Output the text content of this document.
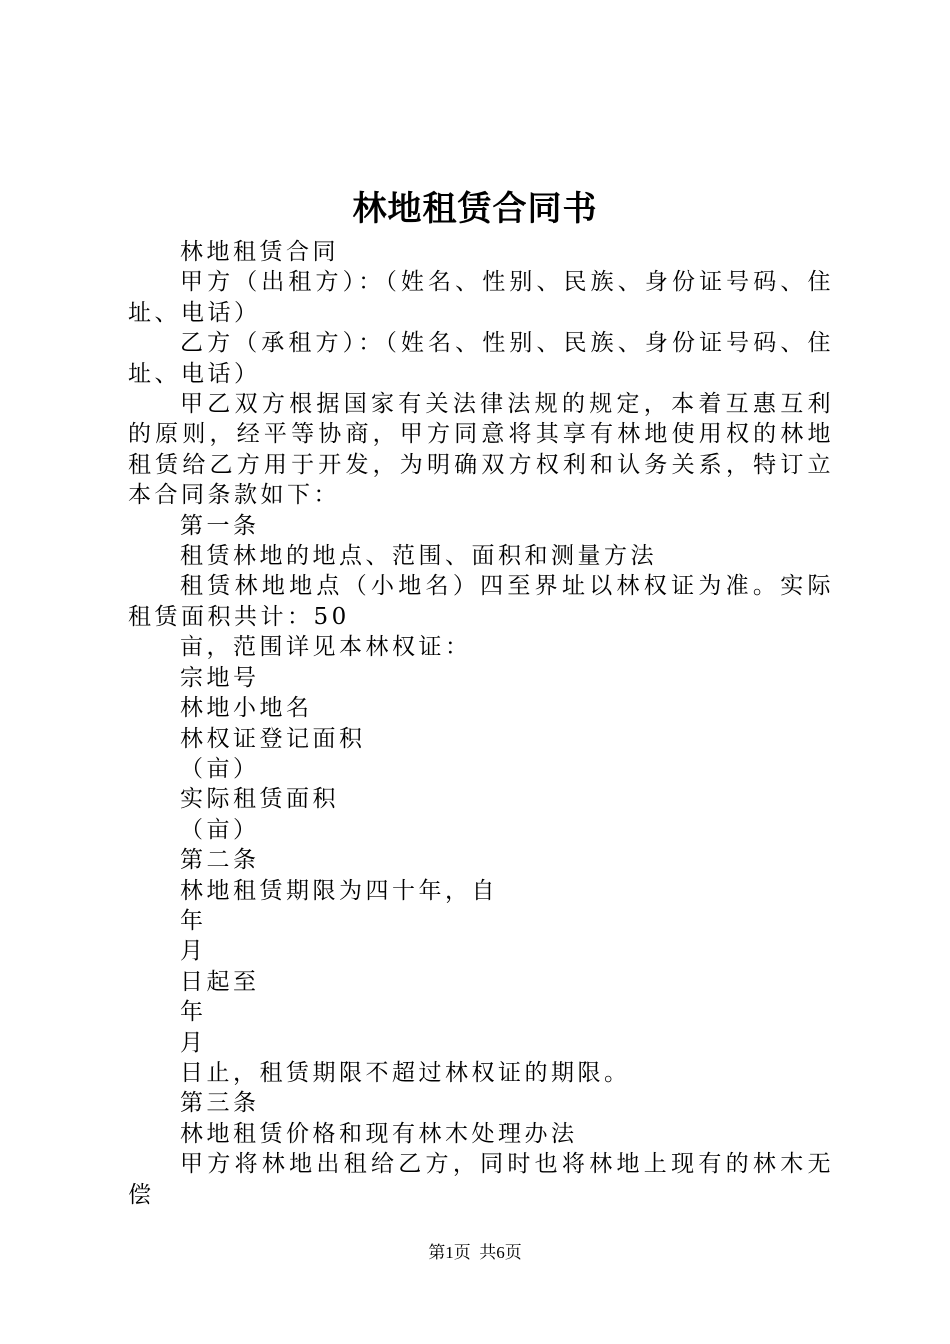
林地租赁合同书

林地租赁合同

甲方（出租方）：（姓名、性别、民族、身份证号码、住址、电话）

乙方（承租方）：（姓名、性别、民族、身份证号码、住址、电话）

甲乙双方根据国家有关法律法规的规定，本着互惠互利的原则，经平等协商，甲方同意将其享有林地使用权的林地租赁给乙方用于开发，为明确双方权利和认务关系，特订立本合同条款如下：

第一条

租赁林地的地点、范围、面积和测量方法

租赁林地地点（小地名）四至界址以林权证为准。实际租赁面积共计：50

亩，范围详见本林权证：

宗地号

林地小地名

林权证登记面积

（亩）

实际租赁面积

（亩）

第二条

林地租赁期限为四十年，自

年

月

日起至

年

月

日止，租赁期限不超过林权证的期限。

第三条

林地租赁价格和现有林木处理办法

甲方将林地出租给乙方，同时也将林地上现有的林木无偿

第1页 共6页
